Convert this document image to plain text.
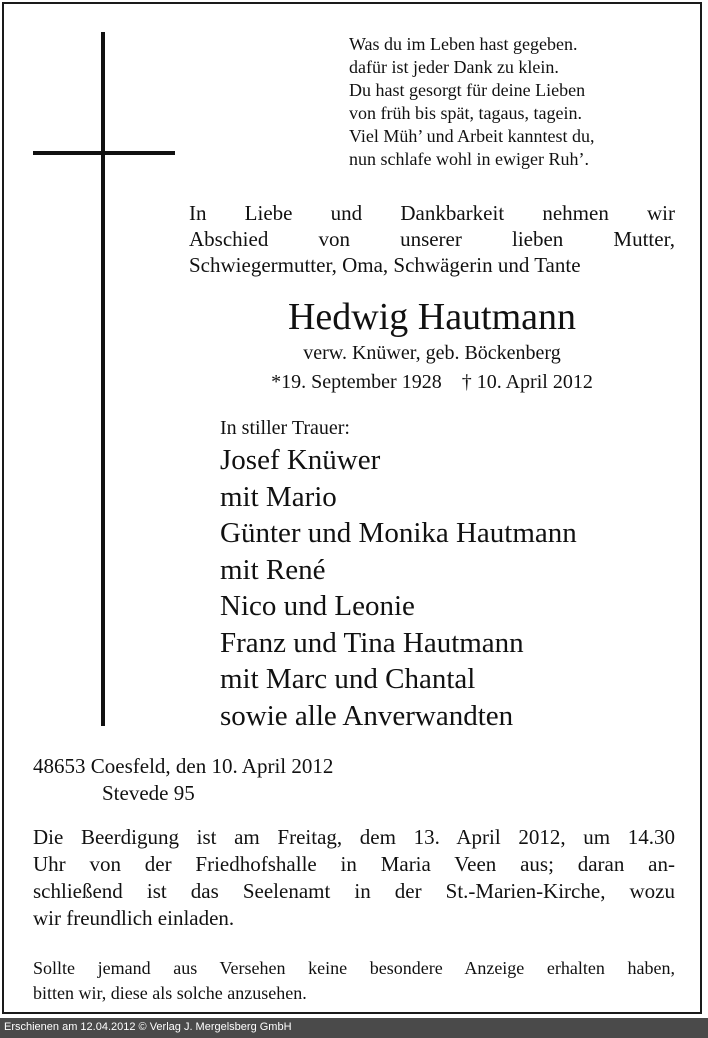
Was du im Leben hast gegeben.
dafür ist jeder Dank zu klein.
Du hast gesorgt für deine Lieben
von früh bis spät, tagaus, tagein.
Viel Müh’ und Arbeit kanntest du,
nun schlafe wohl in ewiger Ruh’.
In Liebe und Dankbarkeit nehmen wir
Abschied von unserer lieben Mutter,
Schwiegermutter, Oma, Schwägerin und Tante
Hedwig Hautmann
verw. Knüwer, geb. Böckenberg
*19. September 1928 † 10. April 2012
In stiller Trauer:
Josef Knüwer
mit Mario
Günter und Monika Hautmann
mit René
Nico und Leonie
Franz und Tina Hautmann
mit Marc und Chantal
sowie alle Anverwandten
48653 Coesfeld, den 10. April 2012
Stevede 95
Die Beerdigung ist am Freitag, dem 13. April 2012, um 14.30
Uhr von der Friedhofshalle in Maria Veen aus; daran an-
schließend ist das Seelenamt in der St.-Marien-Kirche, wozu
wir freundlich einladen.
Sollte jemand aus Versehen keine besondere Anzeige erhalten haben,
bitten wir, diese als solche anzusehen.
Erschienen am 12.04.2012 © Verlag J. Mergelsberg GmbH
